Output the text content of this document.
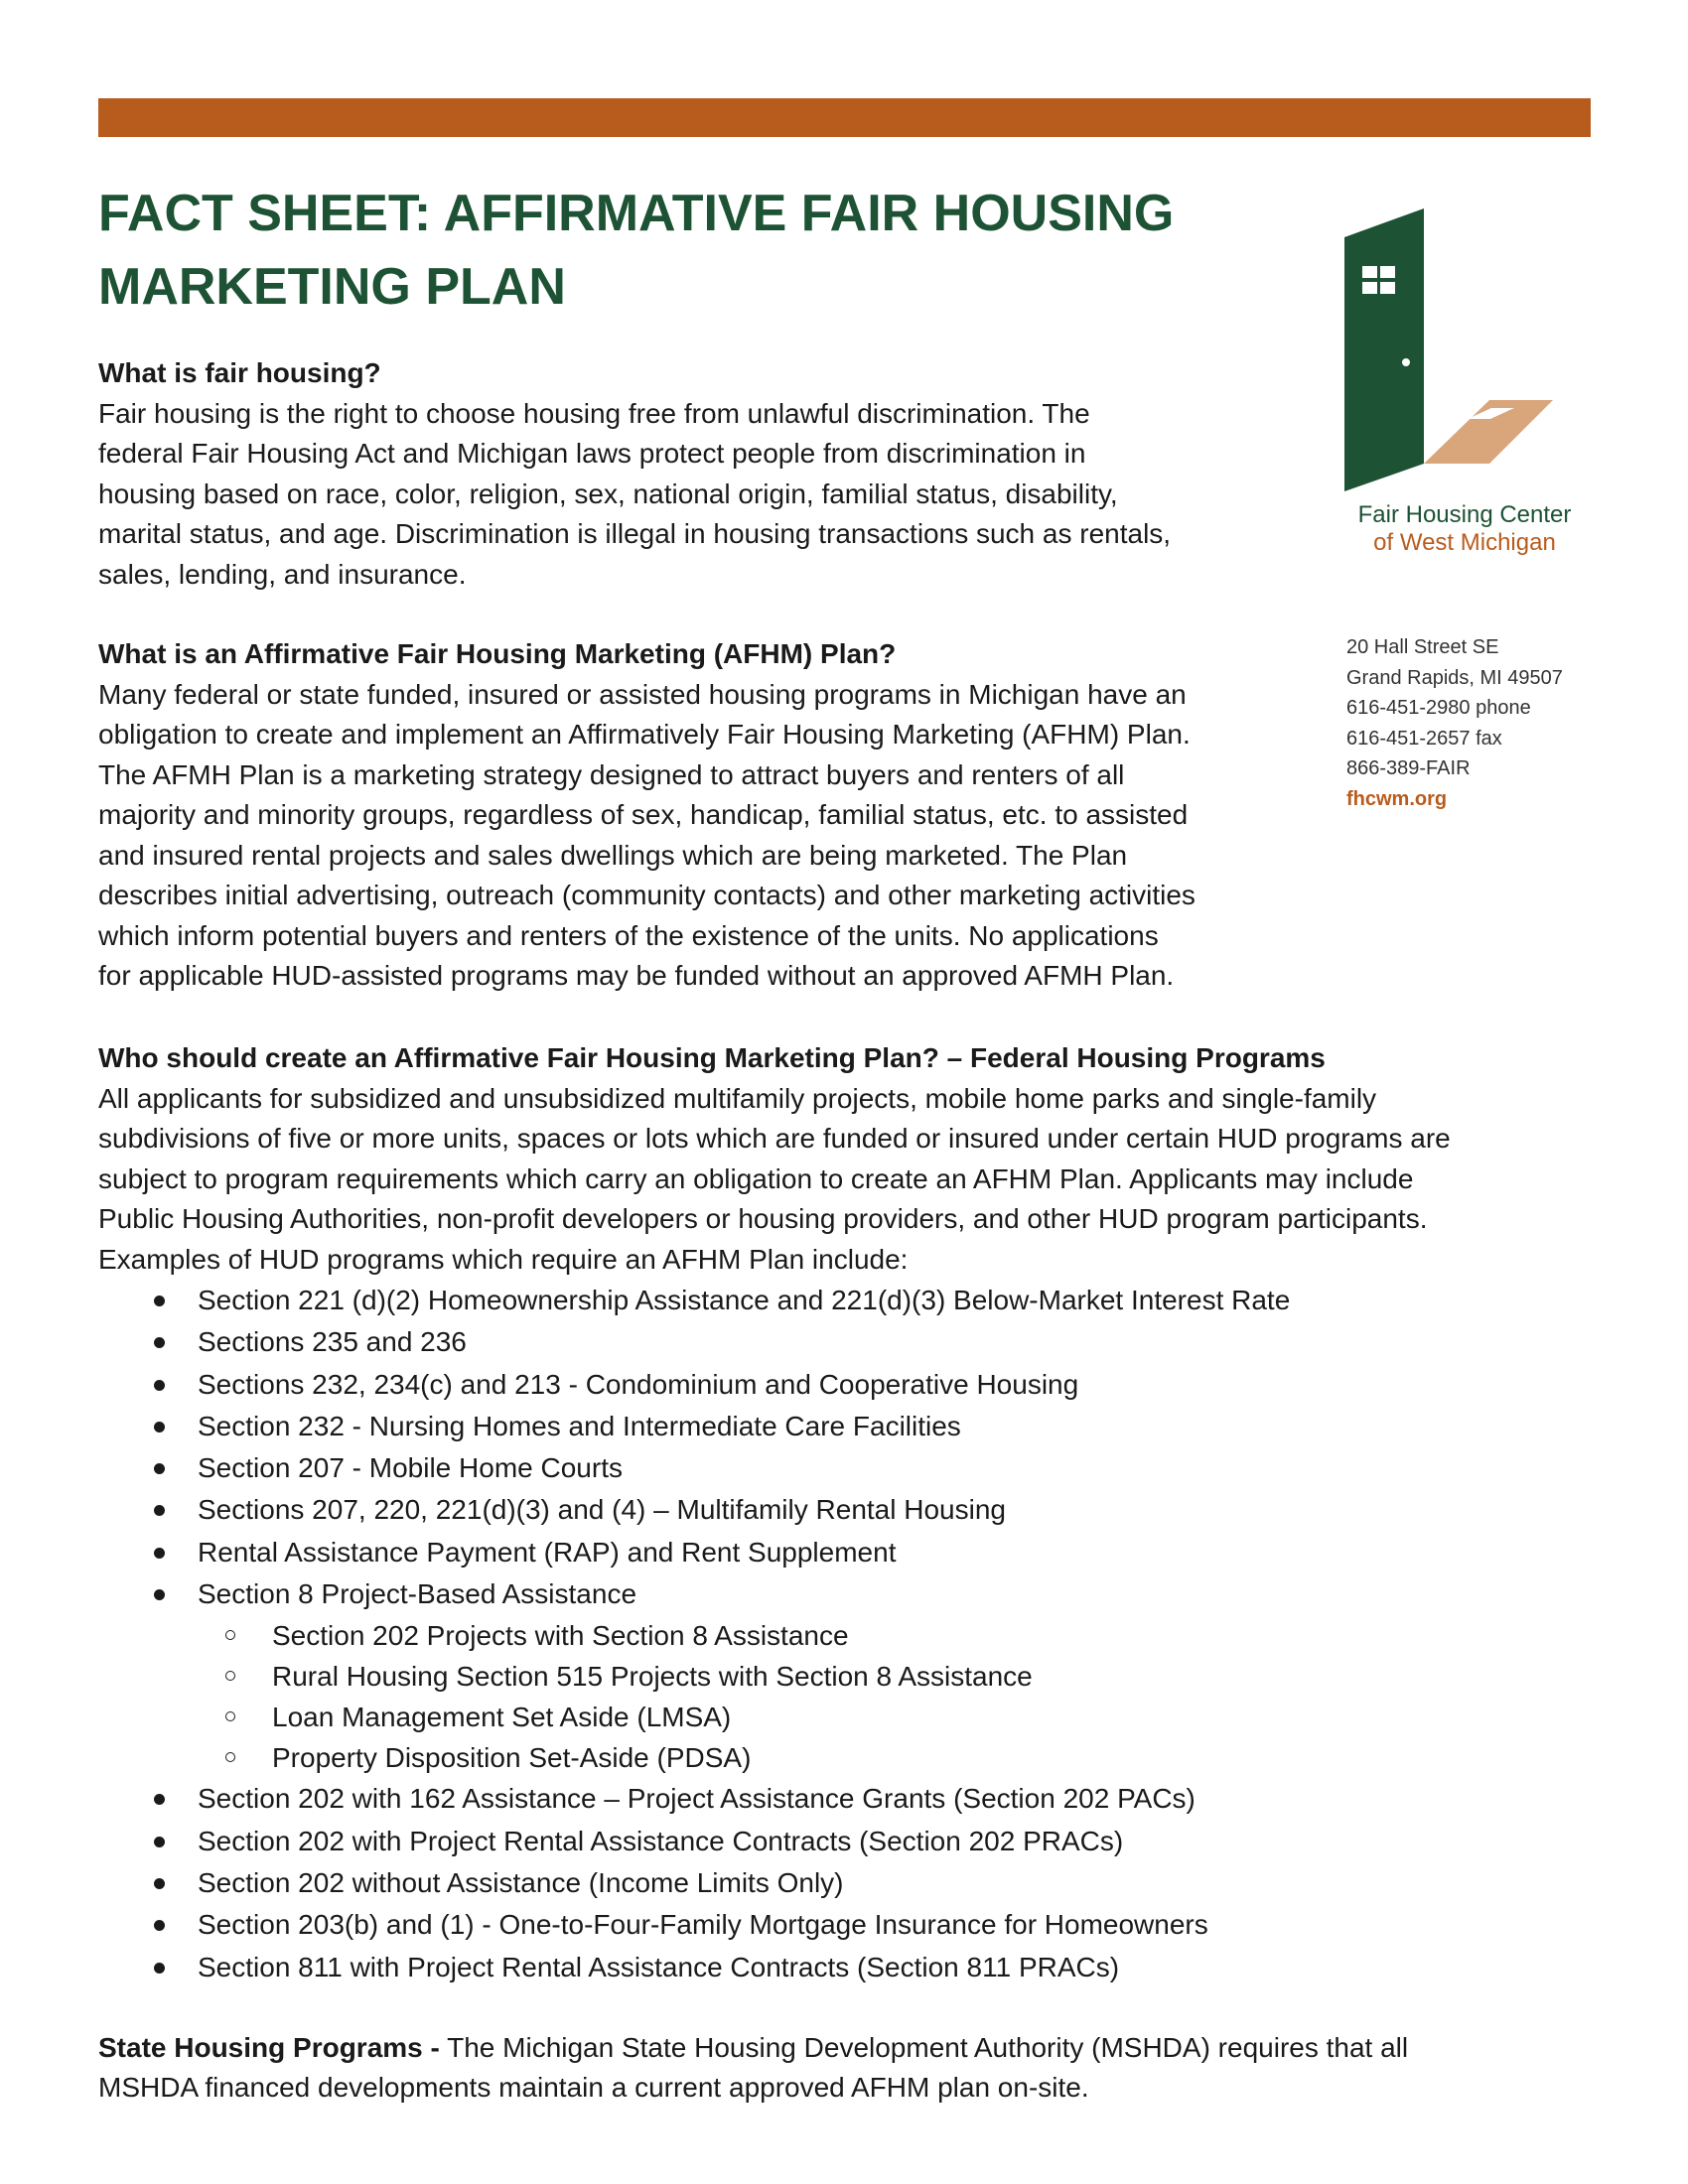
FACT SHEET: AFFIRMATIVE FAIR HOUSING
MARKETING PLAN
Fair Housing Center
of West Michigan
20 Hall Street SE
Grand Rapids, MI 49507
616-451-2980 phone
616-451-2657 fax
866-389-FAIR
fhcwm.org

What is fair housing?

Fair housing is the right to choose housing free from unlawful discrimination. The
federal Fair Housing Act and Michigan laws protect people from discrimination in
housing based on race, color, religion, sex, national origin, familial status, disability,
marital status, and age. Discrimination is illegal in housing transactions such as rentals,
sales, lending, and insurance.

What is an Affirmative Fair Housing Marketing (AFHM) Plan?

Many federal or state funded, insured or assisted housing programs in Michigan have an
obligation to create and implement an Affirmatively Fair Housing Marketing (AFHM) Plan.
The AFMH Plan is a marketing strategy designed to attract buyers and renters of all
majority and minority groups, regardless of sex, handicap, familial status, etc. to assisted
and insured rental projects and sales dwellings which are being marketed. The Plan
describes initial advertising, outreach (community contacts) and other marketing activities
which inform potential buyers and renters of the existence of the units. No applications
for applicable HUD-assisted programs may be funded without an approved AFMH Plan.

Who should create an Affirmative Fair Housing Marketing Plan? – Federal Housing Programs

All applicants for subsidized and unsubsidized multifamily projects, mobile home parks and single-family
subdivisions of five or more units, spaces or lots which are funded or insured under certain HUD programs are
subject to program requirements which carry an obligation to create an AFHM Plan. Applicants may include
Public Housing Authorities, non-profit developers or housing providers, and other HUD program participants.
Examples of HUD programs which require an AFHM Plan include:

Section 221 (d)(2) Homeownership Assistance and 221(d)(3) Below-Market Interest Rate
Sections 235 and 236
Sections 232, 234(c) and 213 - Condominium and Cooperative Housing
Section 232 - Nursing Homes and Intermediate Care Facilities
Section 207 - Mobile Home Courts
Sections 207, 220, 221(d)(3) and (4) – Multifamily Rental Housing
Rental Assistance Payment (RAP) and Rent Supplement
Section 8 Project-Based Assistance
Section 202 Projects with Section 8 Assistance
Rural Housing Section 515 Projects with Section 8 Assistance
Loan Management Set Aside (LMSA)
Property Disposition Set-Aside (PDSA)
Section 202 with 162 Assistance – Project Assistance Grants (Section 202 PACs)
Section 202 with Project Rental Assistance Contracts (Section 202 PRACs)
Section 202 without Assistance (Income Limits Only)
Section 203(b) and (1) - One-to-Four-Family Mortgage Insurance for Homeowners
Section 811 with Project Rental Assistance Contracts (Section 811 PRACs)

State Housing Programs - The Michigan State Housing Development Authority (MSHDA) requires that all
MSHDA financed developments maintain a current approved AFHM plan on-site.
